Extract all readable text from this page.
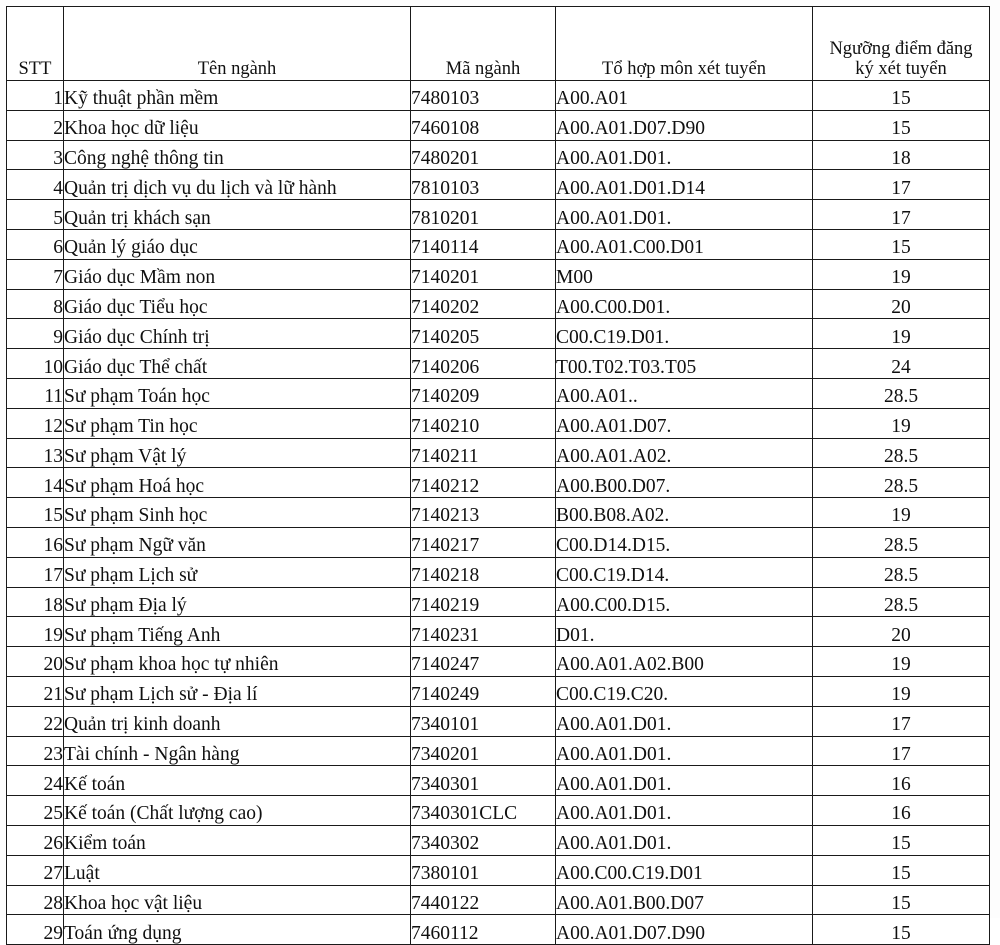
STT	Tên ngành	Mã ngành	Tổ hợp môn xét tuyển	Ngưỡng điểm đăng
ký xét tuyển
1	Kỹ thuật phần mềm	7480103	A00.A01	15
2	Khoa học dữ liệu	7460108	A00.A01.D07.D90	15
3	Công nghệ thông tin	7480201	A00.A01.D01.	18
4	Quản trị dịch vụ du lịch và lữ hành	7810103	A00.A01.D01.D14	17
5	Quản trị khách sạn	7810201	A00.A01.D01.	17
6	Quản lý giáo dục	7140114	A00.A01.C00.D01	15
7	Giáo dục Mầm non	7140201	M00	19
8	Giáo dục Tiểu học	7140202	A00.C00.D01.	20
9	Giáo dục Chính trị	7140205	C00.C19.D01.	19
10	Giáo dục Thể chất	7140206	T00.T02.T03.T05	24
11	Sư phạm Toán học	7140209	A00.A01..	28.5
12	Sư phạm Tin học	7140210	A00.A01.D07.	19
13	Sư phạm Vật lý	7140211	A00.A01.A02.	28.5
14	Sư phạm Hoá học	7140212	A00.B00.D07.	28.5
15	Sư phạm Sinh học	7140213	B00.B08.A02.	19
16	Sư phạm Ngữ văn	7140217	C00.D14.D15.	28.5
17	Sư phạm Lịch sử	7140218	C00.C19.D14.	28.5
18	Sư phạm Địa lý	7140219	A00.C00.D15.	28.5
19	Sư phạm Tiếng Anh	7140231	D01.	20
20	Sư phạm khoa học tự nhiên	7140247	A00.A01.A02.B00	19
21	Sư phạm Lịch sử - Địa lí	7140249	C00.C19.C20.	19
22	Quản trị kinh doanh	7340101	A00.A01.D01.	17
23	Tài chính - Ngân hàng	7340201	A00.A01.D01.	17
24	Kế toán	7340301	A00.A01.D01.	16
25	Kế toán (Chất lượng cao)	7340301CLC	A00.A01.D01.	16
26	Kiểm toán	7340302	A00.A01.D01.	15
27	Luật	7380101	A00.C00.C19.D01	15
28	Khoa học vật liệu	7440122	A00.A01.B00.D07	15
29	Toán ứng dụng	7460112	A00.A01.D07.D90	15
